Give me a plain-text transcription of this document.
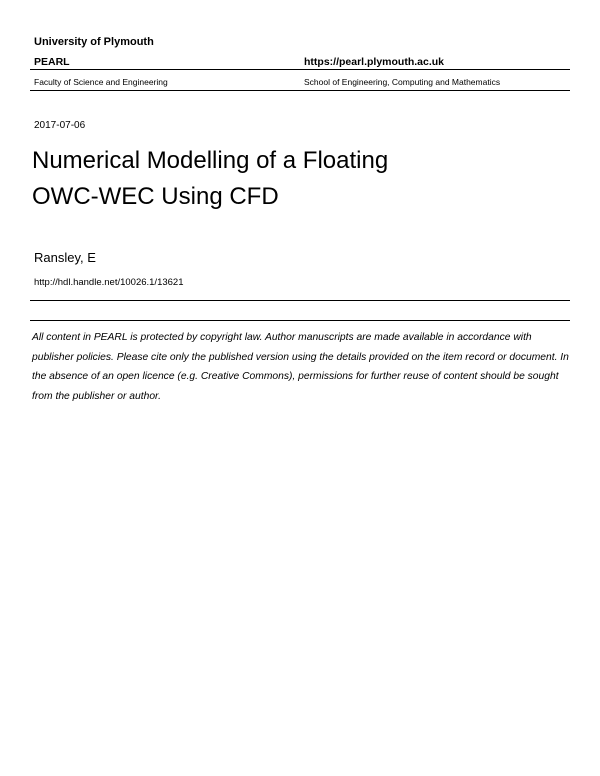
University of Plymouth
PEARL	https://pearl.plymouth.ac.uk
Faculty of Science and Engineering	School of Engineering, Computing and Mathematics
2017-07-06
Numerical Modelling of a Floating
OWC-WEC Using CFD
Ransley, E
http://hdl.handle.net/10026.1/13621
All content in PEARL is protected by copyright law. Author manuscripts are made available in accordance with publisher policies. Please cite only the published version using the details provided on the item record or document. In the absence of an open licence (e.g. Creative Commons), permissions for further reuse of content should be sought from the publisher or author.
